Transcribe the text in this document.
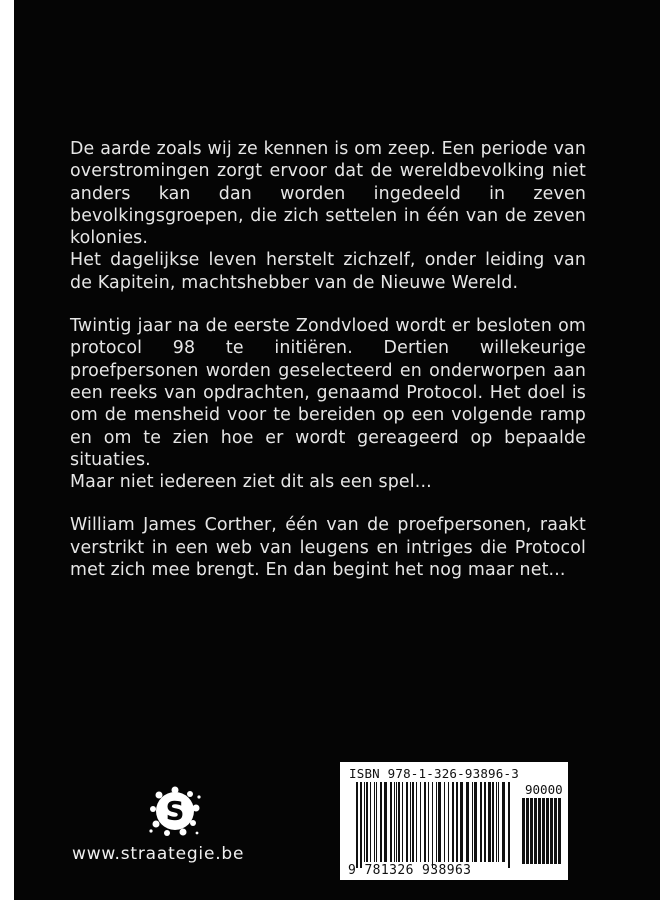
De aarde zoals wij ze kennen is om zeep. Een periode van overstromingen zorgt ervoor dat de wereldbevolking niet anders kan dan worden ingedeeld in zeven bevolkingsgroepen, die zich settelen in één van de zeven kolonies.

Het dagelijkse leven herstelt zichzelf, onder leiding van de Kapitein, machtshebber van de Nieuwe Wereld.

Twintig jaar na de eerste Zondvloed wordt er besloten om protocol 98 te initiëren. Dertien willekeurige proefpersonen worden geselecteerd en onderworpen aan een reeks van opdrachten, genaamd Protocol. Het doel is om de mensheid voor te bereiden op een volgende ramp en om te zien hoe er wordt gereageerd op bepaalde situaties.

Maar niet iedereen ziet dit als een spel...

William James Corther, één van de proefpersonen, raakt verstrikt in een web van leugens en intriges die Protocol met zich mee brengt. En dan begint het nog maar net...

S
www.straategie.be
ISBN 978-1-326-93896-3
90000
9 781326 938963
